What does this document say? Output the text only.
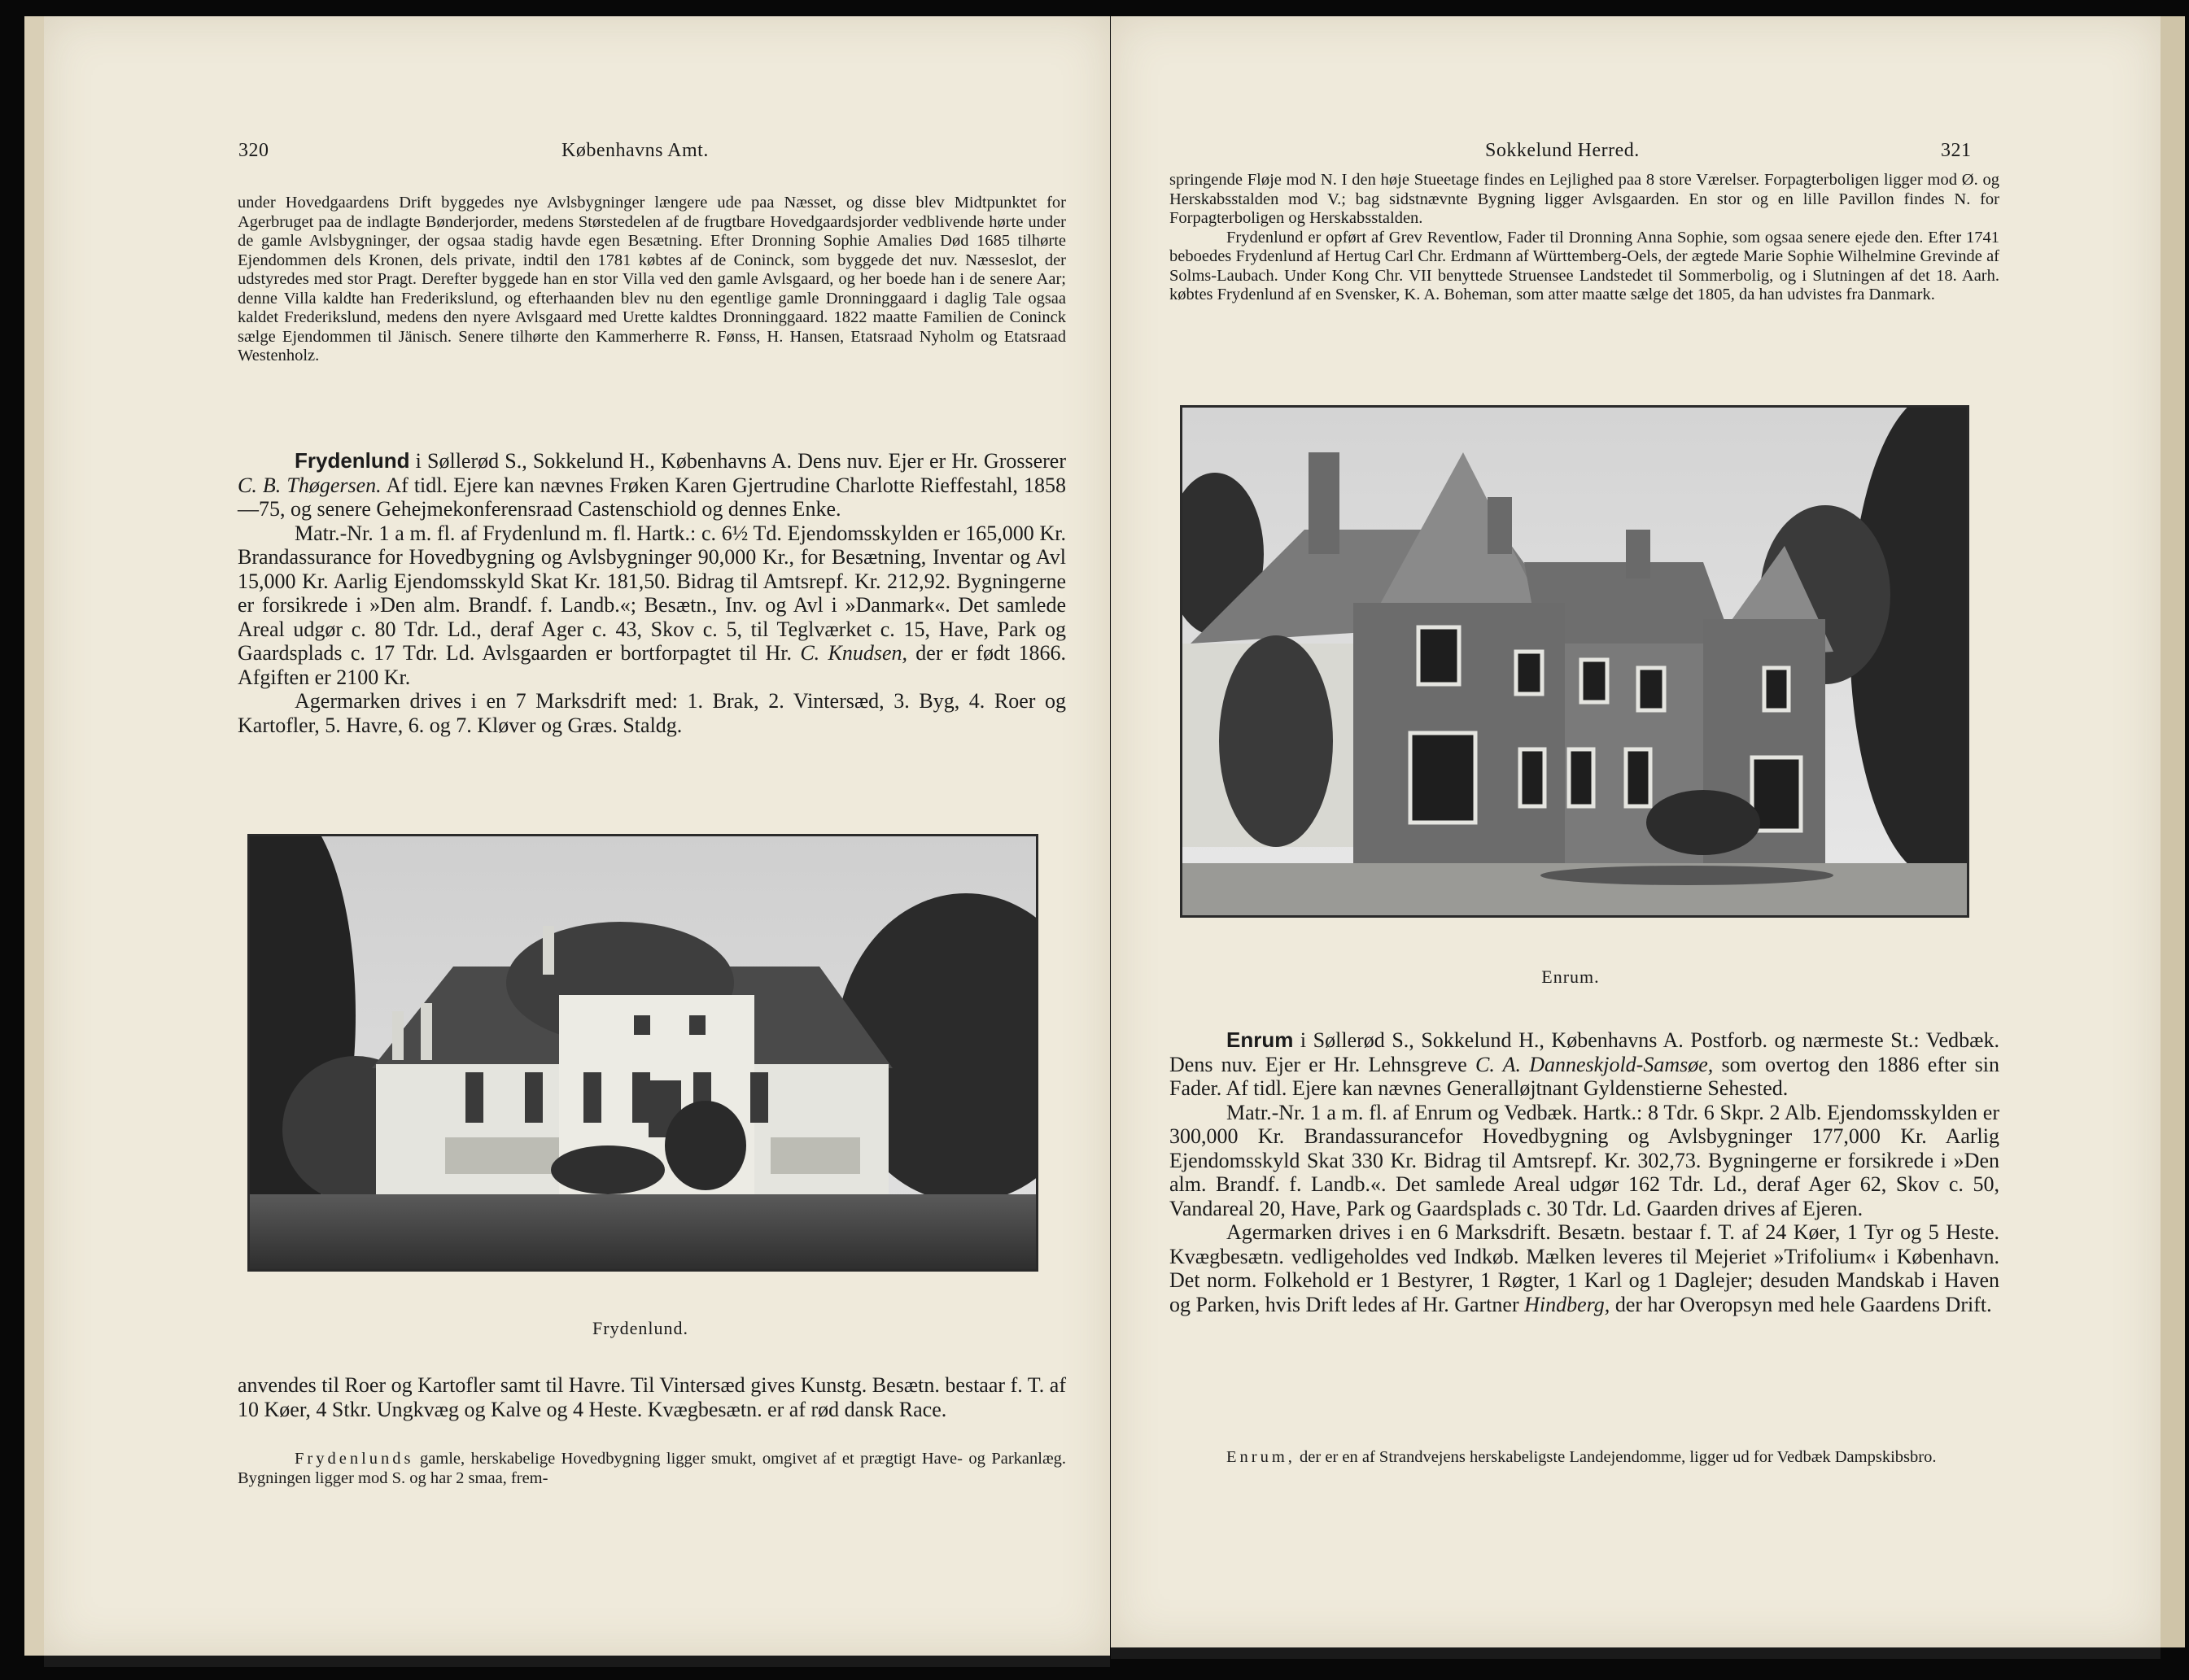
320	Københavns Amt.

under Hovedgaardens Drift byggedes nye Avlsbygninger længere ude paa Næsset, og disse blev Midtpunktet for Agerbruget paa de indlagte Bønderjorder, medens Størstedelen af de frugtbare Hovedgaardsjorder vedblivende hørte under de gamle Avlsbygninger, der ogsaa stadig havde egen Besætning. Efter Dronning Sophie Amalies Død 1685 tilhørte Ejendommen dels Kronen, dels private, indtil den 1781 købtes af de Coninck, som byggede det nuv. Næsseslot, der udstyredes med stor Pragt. Derefter byggede han en stor Villa ved den gamle Avlsgaard, og her boede han i de senere Aar; denne Villa kaldte han Frederikslund, og efterhaanden blev nu den egentlige gamle Dronninggaard i daglig Tale ogsaa kaldet Frederikslund, medens den nyere Avlsgaard med Urette kaldtes Dronninggaard. 1822 maatte Familien de Coninck sælge Ejendommen til Jänisch. Senere tilhørte den Kammerherre R. Fønss, H. Hansen, Etatsraad Nyholm og Etatsraad Westenholz.

Frydenlund i Søllerød S., Sokkelund H., Københavns A. Dens nuv. Ejer er Hr. Grosserer C. B. Thøgersen. Af tidl. Ejere kan nævnes Frøken Karen Gjertrudine Charlotte Rieffestahl, 1858—75, og senere Gehejmekonferensraad Castenschiold og dennes Enke.

Matr.-Nr. 1 a m. fl. af Frydenlund m. fl. Hartk.: c. 6½ Td. Ejendomsskylden er 165,000 Kr. Brandassurance for Hovedbygning og Avlsbygninger 90,000 Kr., for Besætning, Inventar og Avl 15,000 Kr. Aarlig Ejendomsskyld Skat Kr. 181,50. Bidrag til Amtsrepf. Kr. 212,92. Bygningerne er forsikrede i »Den alm. Brandf. f. Landb.«; Besætn., Inv. og Avl i »Danmark«. Det samlede Areal udgør c. 80 Tdr. Ld., deraf Ager c. 43, Skov c. 5, til Teglværket c. 15, Have, Park og Gaardsplads c. 17 Tdr. Ld. Avlsgaarden er bortforpagtet til Hr. C. Knudsen, der er født 1866. Afgiften er 2100 Kr.

Agermarken drives i en 7 Marksdrift med: 1. Brak, 2. Vintersæd, 3. Byg, 4. Roer og Kartofler, 5. Havre, 6. og 7. Kløver og Græs. Staldg.

Frydenlund.

anvendes til Roer og Kartofler samt til Havre. Til Vintersæd gives Kunstg. Besætn. bestaar f. T. af 10 Køer, 4 Stkr. Ungkvæg og Kalve og 4 Heste. Kvægbesætn. er af rød dansk Race.

Frydenlunds gamle, herskabelige Hovedbygning ligger smukt, omgivet af et prægtigt Have- og Parkanlæg. Bygningen ligger mod S. og har 2 smaa, frem-

Sokkelund Herred.	321

springende Fløje mod N. I den høje Stueetage findes en Lejlighed paa 8 store Værelser. Forpagterboligen ligger mod Ø. og Herskabsstalden mod V.; bag sidstnævnte Bygning ligger Avlsgaarden. En stor og en lille Pavillon findes N. for Forpagterboligen og Herskabsstalden.

Frydenlund er opført af Grev Reventlow, Fader til Dronning Anna Sophie, som ogsaa senere ejede den. Efter 1741 beboedes Frydenlund af Hertug Carl Chr. Erdmann af Württemberg-Oels, der ægtede Marie Sophie Wilhelmine Grevinde af Solms-Laubach. Under Kong Chr. VII benyttede Struensee Landstedet til Sommerbolig, og i Slutningen af det 18. Aarh. købtes Frydenlund af en Svensker, K. A. Boheman, som atter maatte sælge det 1805, da han udvistes fra Danmark.

Enrum.

Enrum i Søllerød S., Sokkelund H., Københavns A. Postforb. og nærmeste St.: Vedbæk. Dens nuv. Ejer er Hr. Lehnsgreve C. A. Danneskjold-Samsøe, som overtog den 1886 efter sin Fader. Af tidl. Ejere kan nævnes Generalløjtnant Gyldenstierne Sehested.

Matr.-Nr. 1 a m. fl. af Enrum og Vedbæk. Hartk.: 8 Tdr. 6 Skpr. 2 Alb. Ejendomsskylden er 300,000 Kr. Brandassurancefor Hovedbygning og Avlsbygninger 177,000 Kr. Aarlig Ejendomsskyld Skat 330 Kr. Bidrag til Amtsrepf. Kr. 302,73. Bygningerne er forsikrede i »Den alm. Brandf. f. Landb.«. Det samlede Areal udgør 162 Tdr. Ld., deraf Ager 62, Skov c. 50, Vandareal 20, Have, Park og Gaardsplads c. 30 Tdr. Ld. Gaarden drives af Ejeren.

Agermarken drives i en 6 Marksdrift. Besætn. bestaar f. T. af 24 Køer, 1 Tyr og 5 Heste. Kvægbesætn. vedligeholdes ved Indkøb. Mælken leveres til Mejeriet »Trifolium« i København. Det norm. Folkehold er 1 Bestyrer, 1 Røgter, 1 Karl og 1 Daglejer; desuden Mandskab i Haven og Parken, hvis Drift ledes af Hr. Gartner Hindberg, der har Overopsyn med hele Gaardens Drift.

Enrum, der er en af Strandvejens herskabeligste Landejendomme, ligger ud for Vedbæk Dampskibsbro.
